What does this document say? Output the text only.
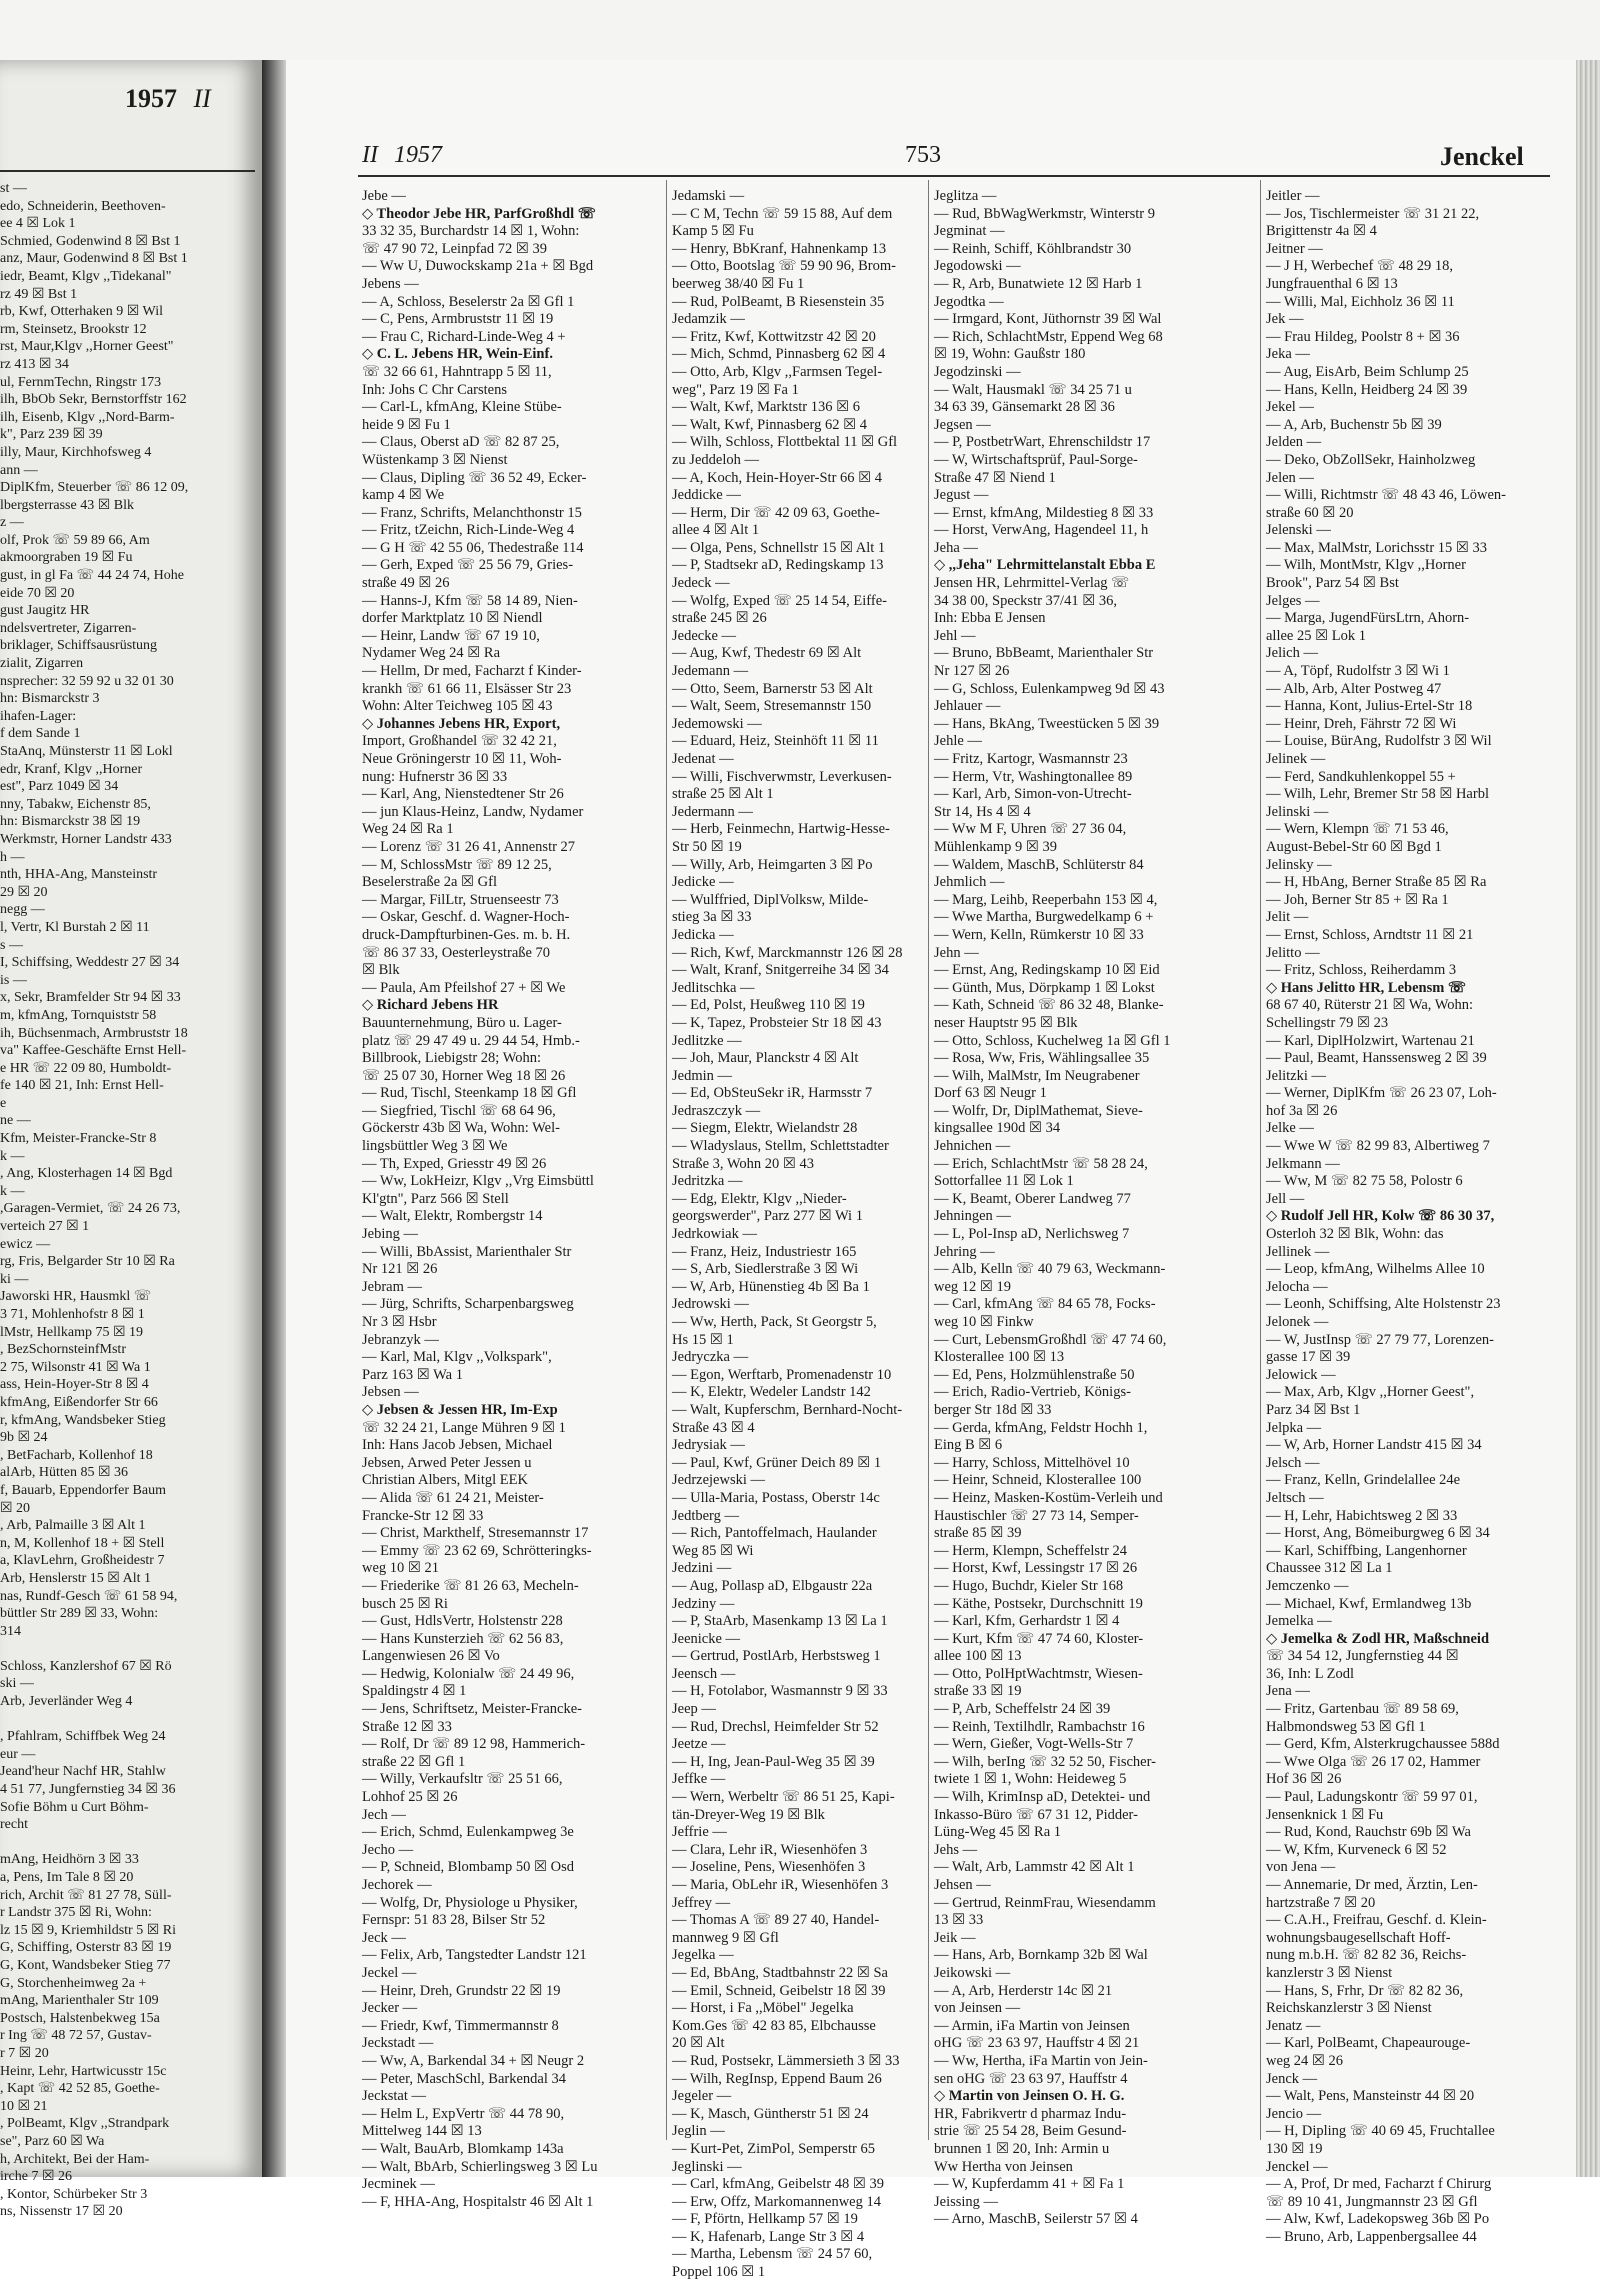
1957 II
st —
edo, Schneiderin, Beethoven-
ee 4 ☒ Lok 1
Schmied, Godenwind 8 ☒ Bst 1
anz, Maur, Godenwind 8 ☒ Bst 1
iedr, Beamt, Klgv ,,Tidekanal"
rz 49 ☒ Bst 1
rb, Kwf, Otterhaken 9 ☒ Wil
rm, Steinsetz, Brookstr 12
rst, Maur,Klgv ,,Horner Geest"
rz 413 ☒ 34
ul, FernmTechn, Ringstr 173
ilh, BbOb Sekr, Bernstorffstr 162
ilh, Eisenb, Klgv ,,Nord-Barm-
k", Parz 239 ☒ 39
illy, Maur, Kirchhofsweg 4
ann —
DiplKfm, Steuerber ☏ 86 12 09,
lbergsterrasse 43 ☒ Blk
z —
olf, Prok ☏ 59 89 66, Am
akmoorgraben 19 ☒ Fu
gust, in gl Fa ☏ 44 24 74, Hohe
eide 70 ☒ 20
gust Jaugitz HR
ndelsvertreter, Zigarren-
briklager, Schiffsausrüstung
zialit, Zigarren
nsprecher: 32 59 92 u 32 01 30
hn: Bismarckstr 3
ihafen-Lager:
f dem Sande 1
StaAnq, Münsterstr 11 ☒ Lokl
edr, Kranf, Klgv ,,Horner
est", Parz 1049 ☒ 34
nny, Tabakw, Eichenstr 85,
hn: Bismarckstr 38 ☒ 19
Werkmstr, Horner Landstr 433
h —
nth, HHA-Ang, Mansteinstr
29 ☒ 20
negg —
l, Vertr, Kl Burstah 2 ☒ 11
s —
I, Schiffsing, Weddestr 27 ☒ 34
is —
x, Sekr, Bramfelder Str 94 ☒ 33
m, kfmAng, Tornquiststr 58
ih, Büchsenmach, Armbruststr 18
va" Kaffee-Geschäfte Ernst Hell-
e HR ☏ 22 09 80, Humboldt-
fe 140 ☒ 21, Inh: Ernst Hell-
e
ne —
Kfm, Meister-Francke-Str 8
k —
, Ang, Klosterhagen 14 ☒ Bgd
k —
,Garagen-Vermiet, ☏ 24 26 73,
verteich 27 ☒ 1
ewicz —
rg, Fris, Belgarder Str 10 ☒ Ra
ki —
Jaworski HR, Hausmkl ☏
3 71, Mohlenhofstr 8 ☒ 1
lMstr, Hellkamp 75 ☒ 19
, BezSchornsteinfMstr
2 75, Wilsonstr 41 ☒ Wa 1
ass, Hein-Hoyer-Str 8 ☒ 4
kfmAng, Eißendorfer Str 66
r, kfmAng, Wandsbeker Stieg
9b ☒ 24
, BetFacharb, Kollenhof 18
alArb, Hütten 85 ☒ 36
f, Bauarb, Eppendorfer Baum
☒ 20
, Arb, Palmaille 3 ☒ Alt 1
n, M, Kollenhof 18 + ☒ Stell
a, KlavLehrn, Großheidestr 7
Arb, Henslerstr 15 ☒ Alt 1
nas, Rundf-Gesch ☏ 61 58 94,
büttler Str 289 ☒ 33, Wohn:
314

Schloss, Kanzlershof 67 ☒ Rö
ski —
Arb, Jeverländer Weg 4

, Pfahlram, Schiffbek Weg 24
eur —
Jeand'heur Nachf HR, Stahlw
4 51 77, Jungfernstieg 34 ☒ 36
Sofie Böhm u Curt Böhm-
recht

mAng, Heidhörn 3 ☒ 33
a, Pens, Im Tale 8 ☒ 20
rich, Archit ☏ 81 27 78, Süll-
r Landstr 375 ☒ Ri, Wohn:
lz 15 ☒ 9, Kriemhildstr 5 ☒ Ri
G, Schiffing, Osterstr 83 ☒ 19
G, Kont, Wandsbeker Stieg 77
G, Storchenheimweg 2a +
mAng, Marienthaler Str 109
Postsch, Halstenbekweg 15a
r Ing ☏ 48 72 57, Gustav-
r 7 ☒ 20
Heinr, Lehr, Hartwicusstr 15c
, Kapt ☏ 42 52 85, Goethe-
10 ☒ 21
, PolBeamt, Klgv ,,Strandpark
se", Parz 60 ☒ Wa
h, Architekt, Bei der Ham-
irche 7 ☒ 26
, Kontor, Schürbeker Str 3
ns, Nissenstr 17 ☒ 20
II 1957	753	Jenckel
Jebe —
◇ Theodor Jebe HR, ParfGroßhdl ☏
33 32 35, Burchardstr 14 ☒ 1, Wohn:
☏ 47 90 72, Leinpfad 72 ☒ 39
— Ww U, Duwockskamp 21a + ☒ Bgd
Jebens —
— A, Schloss, Beselerstr 2a ☒ Gfl 1
— C, Pens, Armbruststr 11 ☒ 19
— Frau C, Richard-Linde-Weg 4 +
◇ C. L. Jebens HR, Wein-Einf.
☏ 32 66 61, Hahntrapp 5 ☒ 11,
Inh: Johs C Chr Carstens
— Carl-L, kfmAng, Kleine Stübe-
heide 9 ☒ Fu 1
— Claus, Oberst aD ☏ 82 87 25,
Wüstenkamp 3 ☒ Nienst
— Claus, Dipling ☏ 36 52 49, Ecker-
kamp 4 ☒ We
— Franz, Schrifts, Melanchthonstr 15
— Fritz, tZeichn, Rich-Linde-Weg 4
— G H ☏ 42 55 06, Thedestraße 114
— Gerh, Exped ☏ 25 56 79, Gries-
straße 49 ☒ 26
— Hanns-J, Kfm ☏ 58 14 89, Nien-
dorfer Marktplatz 10 ☒ Niendl
— Heinr, Landw ☏ 67 19 10,
Nydamer Weg 24 ☒ Ra
— Hellm, Dr med, Facharzt f Kinder-
krankh ☏ 61 66 11, Elsässer Str 23
Wohn: Alter Teichweg 105 ☒ 43
◇ Johannes Jebens HR, Export,
Import, Großhandel ☏ 32 42 21,
Neue Gröningerstr 10 ☒ 11, Woh-
nung: Hufnerstr 36 ☒ 33
— Karl, Ang, Nienstedtener Str 26
— jun Klaus-Heinz, Landw, Nydamer
Weg 24 ☒ Ra 1
— Lorenz ☏ 31 26 41, Annenstr 27
— M, SchlossMstr ☏ 89 12 25,
Beselerstraße 2a ☒ Gfl
— Margar, FilLtr, Struenseestr 73
— Oskar, Geschf. d. Wagner-Hoch-
druck-Dampfturbinen-Ges. m. b. H.
☏ 86 37 33, Oesterleystraße 70
☒ Blk
— Paula, Am Pfeilshof 27 + ☒ We
◇ Richard Jebens HR
Bauunternehmung, Büro u. Lager-
platz ☏ 29 47 49 u. 29 44 54, Hmb.-
Billbrook, Liebigstr 28; Wohn:
☏ 25 07 30, Horner Weg 18 ☒ 26
— Rud, Tischl, Steenkamp 18 ☒ Gfl
— Siegfried, Tischl ☏ 68 64 96,
Göckerstr 43b ☒ Wa, Wohn: Wel-
lingsbüttler Weg 3 ☒ We
— Th, Exped, Griesstr 49 ☒ 26
— Ww, LokHeizr, Klgv ,,Vrg Eimsbüttl
Kl'gtn", Parz 566 ☒ Stell
— Walt, Elektr, Rombergstr 14
Jebing —
— Willi, BbAssist, Marienthaler Str
Nr 121 ☒ 26
Jebram —
— Jürg, Schrifts, Scharpenbargsweg
Nr 3 ☒ Hsbr
Jebranzyk —
— Karl, Mal, Klgv ,,Volkspark",
Parz 163 ☒ Wa 1
Jebsen —
◇ Jebsen & Jessen HR, Im-Exp
☏ 32 24 21, Lange Mühren 9 ☒ 1
Inh: Hans Jacob Jebsen, Michael
Jebsen, Arwed Peter Jessen u
Christian Albers, Mitgl EEK
— Alida ☏ 61 24 21, Meister-
Francke-Str 12 ☒ 33
— Christ, Markthelf, Stresemannstr 17
— Emmy ☏ 23 62 69, Schrötteringks-
weg 10 ☒ 21
— Friederike ☏ 81 26 63, Mecheln-
busch 25 ☒ Ri
— Gust, HdlsVertr, Holstenstr 228
— Hans Kunsterzieh ☏ 62 56 83,
Langenwiesen 26 ☒ Vo
— Hedwig, Kolonialw ☏ 24 49 96,
Spaldingstr 4 ☒ 1
— Jens, Schriftsetz, Meister-Francke-
Straße 12 ☒ 33
— Rolf, Dr ☏ 89 12 98, Hammerich-
straße 22 ☒ Gfl 1
— Willy, Verkaufsltr ☏ 25 51 66,
Lohhof 25 ☒ 26
Jech —
— Erich, Schmd, Eulenkampweg 3e
Jecho —
— P, Schneid, Blombamp 50 ☒ Osd
Jechorek —
— Wolfg, Dr, Physiologe u Physiker,
Fernspr: 51 83 28, Bilser Str 52
Jeck —
— Felix, Arb, Tangstedter Landstr 121
Jeckel —
— Heinr, Dreh, Grundstr 22 ☒ 19
Jecker —
— Friedr, Kwf, Timmermannstr 8
Jeckstadt —
— Ww, A, Barkendal 34 + ☒ Neugr 2
— Peter, MaschSchl, Barkendal 34
Jeckstat —
— Helm L, ExpVertr ☏ 44 78 90,
Mittelweg 144 ☒ 13
— Walt, BauArb, Blomkamp 143a
— Walt, BbArb, Schierlingsweg 3 ☒ Lu
Jecminek —
— F, HHA-Ang, Hospitalstr 46 ☒ Alt 1
Jedamski —
— C M, Techn ☏ 59 15 88, Auf dem
Kamp 5 ☒ Fu
— Henry, BbKranf, Hahnenkamp 13
— Otto, Bootslag ☏ 59 90 96, Brom-
beerweg 38/40 ☒ Fu 1
— Rud, PolBeamt, B Riesenstein 35
Jedamzik —
— Fritz, Kwf, Kottwitzstr 42 ☒ 20
— Mich, Schmd, Pinnasberg 62 ☒ 4
— Otto, Arb, Klgv ,,Farmsen Tegel-
weg", Parz 19 ☒ Fa 1
— Walt, Kwf, Marktstr 136 ☒ 6
— Walt, Kwf, Pinnasberg 62 ☒ 4
— Wilh, Schloss, Flottbektal 11 ☒ Gfl
zu Jeddeloh —
— A, Koch, Hein-Hoyer-Str 66 ☒ 4
Jeddicke —
— Herm, Dir ☏ 42 09 63, Goethe-
allee 4 ☒ Alt 1
— Olga, Pens, Schnellstr 15 ☒ Alt 1
— P, Stadtsekr aD, Redingskamp 13
Jedeck —
— Wolfg, Exped ☏ 25 14 54, Eiffe-
straße 245 ☒ 26
Jedecke —
— Aug, Kwf, Thedestr 69 ☒ Alt
Jedemann —
— Otto, Seem, Barnerstr 53 ☒ Alt
— Walt, Seem, Stresemannstr 150
Jedemowski —
— Eduard, Heiz, Steinhöft 11 ☒ 11
Jedenat —
— Willi, Fischverwmstr, Leverkusen-
straße 25 ☒ Alt 1
Jedermann —
— Herb, Feinmechn, Hartwig-Hesse-
Str 50 ☒ 19
— Willy, Arb, Heimgarten 3 ☒ Po
Jedicke —
— Wulffried, DiplVolksw, Milde-
stieg 3a ☒ 33
Jedicka —
— Rich, Kwf, Marckmannstr 126 ☒ 28
— Walt, Kranf, Snitgerreihe 34 ☒ 34
Jedlitschka —
— Ed, Polst, Heußweg 110 ☒ 19
— K, Tapez, Probsteier Str 18 ☒ 43
Jedlitzke —
— Joh, Maur, Planckstr 4 ☒ Alt
Jedmin —
— Ed, ObSteuSekr iR, Harmsstr 7
Jedraszczyk —
— Siegm, Elektr, Wielandstr 28
— Wladyslaus, Stellm, Schlettstadter
Straße 3, Wohn 20 ☒ 43
Jedritzka —
— Edg, Elektr, Klgv ,,Nieder-
georgswerder", Parz 277 ☒ Wi 1
Jedrkowiak —
— Franz, Heiz, Industriestr 165
— S, Arb, Siedlerstraße 3 ☒ Wi
— W, Arb, Hünenstieg 4b ☒ Ba 1
Jedrowski —
— Ww, Herth, Pack, St Georgstr 5,
Hs 15 ☒ 1
Jedryczka —
— Egon, Werftarb, Promenadenstr 10
— K, Elektr, Wedeler Landstr 142
— Walt, Kupferschm, Bernhard-Nocht-
Straße 43 ☒ 4
Jedrysiak —
— Paul, Kwf, Grüner Deich 89 ☒ 1
Jedrzejewski —
— Ulla-Maria, Postass, Oberstr 14c
Jedtberg —
— Rich, Pantoffelmach, Haulander
Weg 85 ☒ Wi
Jedzini —
— Aug, Pollasp aD, Elbgaustr 22a
Jedziny —
— P, StaArb, Masenkamp 13 ☒ La 1
Jeenicke —
— Gertrud, PostlArb, Herbstsweg 1
Jeensch —
— H, Fotolabor, Wasmannstr 9 ☒ 33
Jeep —
— Rud, Drechsl, Heimfelder Str 52
Jeetze —
— H, Ing, Jean-Paul-Weg 35 ☒ 39
Jeffke —
— Wern, Werbeltr ☏ 86 51 25, Kapi-
tän-Dreyer-Weg 19 ☒ Blk
Jeffrie —
— Clara, Lehr iR, Wiesenhöfen 3
— Joseline, Pens, Wiesenhöfen 3
— Maria, ObLehr iR, Wiesenhöfen 3
Jeffrey —
— Thomas A ☏ 89 27 40, Handel-
mannweg 9 ☒ Gfl
Jegelka —
— Ed, BbAng, Stadtbahnstr 22 ☒ Sa
— Emil, Schneid, Geibelstr 18 ☒ 39
— Horst, i Fa ,,Möbel" Jegelka
Kom.Ges ☏ 42 83 85, Elbchausse
20 ☒ Alt
— Rud, Postsekr, Lämmersieth 3 ☒ 33
— Wilh, RegInsp, Eppend Baum 26
Jegeler —
— K, Masch, Güntherstr 51 ☒ 24
Jeglin —
— Kurt-Pet, ZimPol, Semperstr 65
Jeglinski —
— Carl, kfmAng, Geibelstr 48 ☒ 39
— Erw, Offz, Markomannenweg 14
— F, Pförtn, Hellkamp 57 ☒ 19
— K, Hafenarb, Lange Str 3 ☒ 4
— Martha, Lebensm ☏ 24 57 60,
Poppel 106 ☒ 1
Jeglitza —
— Rud, BbWagWerkmstr, Winterstr 9
Jegminat —
— Reinh, Schiff, Köhlbrandstr 30
Jegodowski —
— R, Arb, Bunatwiete 12 ☒ Harb 1
Jegodtka —
— Irmgard, Kont, Jüthornstr 39 ☒ Wal
— Rich, SchlachtMstr, Eppend Weg 68
☒ 19, Wohn: Gaußstr 180
Jegodzinski —
— Walt, Hausmakl ☏ 34 25 71 u
34 63 39, Gänsemarkt 28 ☒ 36
Jegsen —
— P, PostbetrWart, Ehrenschildstr 17
— W, Wirtschaftsprüf, Paul-Sorge-
Straße 47 ☒ Niend 1
Jegust —
— Ernst, kfmAng, Mildestieg 8 ☒ 33
— Horst, VerwAng, Hagendeel 11, h
Jeha —
◇ ,,Jeha" Lehrmittelanstalt Ebba E
Jensen HR, Lehrmittel-Verlag ☏
34 38 00, Speckstr 37/41 ☒ 36,
Inh: Ebba E Jensen
Jehl —
— Bruno, BbBeamt, Marienthaler Str
Nr 127 ☒ 26
— G, Schloss, Eulenkampweg 9d ☒ 43
Jehlauer —
— Hans, BkAng, Tweestücken 5 ☒ 39
Jehle —
— Fritz, Kartogr, Wasmannstr 23
— Herm, Vtr, Washingtonallee 89
— Karl, Arb, Simon-von-Utrecht-
Str 14, Hs 4 ☒ 4
— Ww M F, Uhren ☏ 27 36 04,
Mühlenkamp 9 ☒ 39
— Waldem, MaschB, Schlüterstr 84
Jehmlich —
— Marg, Leihb, Reeperbahn 153 ☒ 4,
— Wwe Martha, Burgwedelkamp 6 +
— Wern, Kelln, Rümkerstr 10 ☒ 33
Jehn —
— Ernst, Ang, Redingskamp 10 ☒ Eid
— Günth, Mus, Dörpkamp 1 ☒ Lokst
— Kath, Schneid ☏ 86 32 48, Blanke-
neser Hauptstr 95 ☒ Blk
— Otto, Schloss, Kuchelweg 1a ☒ Gfl 1
— Rosa, Ww, Fris, Wählingsallee 35
— Wilh, MalMstr, Im Neugrabener
Dorf 63 ☒ Neugr 1
— Wolfr, Dr, DiplMathemat, Sieve-
kingsallee 190d ☒ 34
Jehnichen —
— Erich, SchlachtMstr ☏ 58 28 24,
Sottorfallee 11 ☒ Lok 1
— K, Beamt, Oberer Landweg 77
Jehningen —
— L, Pol-Insp aD, Nerlichsweg 7
Jehring —
— Alb, Kelln ☏ 40 79 63, Weckmann-
weg 12 ☒ 19
— Carl, kfmAng ☏ 84 65 78, Focks-
weg 10 ☒ Finkw
— Curt, LebensmGroßhdl ☏ 47 74 60,
Klosterallee 100 ☒ 13
— Ed, Pens, Holzmühlenstraße 50
— Erich, Radio-Vertrieb, Königs-
berger Str 18d ☒ 33
— Gerda, kfmAng, Feldstr Hochh 1,
Eing B ☒ 6
— Harry, Schloss, Mittelhövel 10
— Heinr, Schneid, Klosterallee 100
— Heinz, Masken-Kostüm-Verleih und
Haustischler ☏ 27 73 14, Semper-
straße 85 ☒ 39
— Herm, Klempn, Scheffelstr 24
— Horst, Kwf, Lessingstr 17 ☒ 26
— Hugo, Buchdr, Kieler Str 168
— Käthe, Postsekr, Durchschnitt 19
— Karl, Kfm, Gerhardstr 1 ☒ 4
— Kurt, Kfm ☏ 47 74 60, Kloster-
allee 100 ☒ 13
— Otto, PolHptWachtmstr, Wiesen-
straße 33 ☒ 19
— P, Arb, Scheffelstr 24 ☒ 39
— Reinh, Textilhdlr, Rambachstr 16
— Wern, Gießer, Vogt-Wells-Str 7
— Wilh, berIng ☏ 32 52 50, Fischer-
twiete 1 ☒ 1, Wohn: Heideweg 5
— Wilh, KrimInsp aD, Detektei- und
Inkasso-Büro ☏ 67 31 12, Pidder-
Lüng-Weg 45 ☒ Ra 1
Jehs —
— Walt, Arb, Lammstr 42 ☒ Alt 1
Jehsen —
— Gertrud, ReinmFrau, Wiesendamm
13 ☒ 33
Jeik —
— Hans, Arb, Bornkamp 32b ☒ Wal
Jeikowski —
— A, Arb, Herderstr 14c ☒ 21
von Jeinsen —
— Armin, iFa Martin von Jeinsen
oHG ☏ 23 63 97, Hauffstr 4 ☒ 21
— Ww, Hertha, iFa Martin von Jein-
sen oHG ☏ 23 63 97, Hauffstr 4
◇ Martin von Jeinsen O. H. G.
HR, Fabrikvertr d pharmaz Indu-
strie ☏ 25 54 28, Beim Gesund-
brunnen 1 ☒ 20, Inh: Armin u
Ww Hertha von Jeinsen
— W, Kupferdamm 41 + ☒ Fa 1
Jeissing —
— Arno, MaschB, Seilerstr 57 ☒ 4
Jeitler —
— Jos, Tischlermeister ☏ 31 21 22,
Brigittenstr 4a ☒ 4
Jeitner —
— J H, Werbechef ☏ 48 29 18,
Jungfrauenthal 6 ☒ 13
— Willi, Mal, Eichholz 36 ☒ 11
Jek —
— Frau Hildeg, Poolstr 8 + ☒ 36
Jeka —
— Aug, EisArb, Beim Schlump 25
— Hans, Kelln, Heidberg 24 ☒ 39
Jekel —
— A, Arb, Buchenstr 5b ☒ 39
Jelden —
— Deko, ObZollSekr, Hainholzweg
Jelen —
— Willi, Richtmstr ☏ 48 43 46, Löwen-
straße 60 ☒ 20
Jelenski —
— Max, MalMstr, Lorichsstr 15 ☒ 33
— Wilh, MontMstr, Klgv ,,Horner
Brook", Parz 54 ☒ Bst
Jelges —
— Marga, JugendFürsLtrn, Ahorn-
allee 25 ☒ Lok 1
Jelich —
— A, Töpf, Rudolfstr 3 ☒ Wi 1
— Alb, Arb, Alter Postweg 47
— Hanna, Kont, Julius-Ertel-Str 18
— Heinr, Dreh, Fährstr 72 ☒ Wi
— Louise, BürAng, Rudolfstr 3 ☒ Wil
Jelinek —
— Ferd, Sandkuhlenkoppel 55 +
— Wilh, Lehr, Bremer Str 58 ☒ Harbl
Jelinski —
— Wern, Klempn ☏ 71 53 46,
August-Bebel-Str 60 ☒ Bgd 1
Jelinsky —
— H, HbAng, Berner Straße 85 ☒ Ra
— Joh, Berner Str 85 + ☒ Ra 1
Jelit —
— Ernst, Schloss, Arndtstr 11 ☒ 21
Jelitto —
— Fritz, Schloss, Reiherdamm 3
◇ Hans Jelitto HR, Lebensm ☏
68 67 40, Rüterstr 21 ☒ Wa, Wohn:
Schellingstr 79 ☒ 23
— Karl, DiplHolzwirt, Wartenau 21
— Paul, Beamt, Hanssensweg 2 ☒ 39
Jelitzki —
— Werner, DiplKfm ☏ 26 23 07, Loh-
hof 3a ☒ 26
Jelke —
— Wwe W ☏ 82 99 83, Albertiweg 7
Jelkmann —
— Ww, M ☏ 82 75 58, Polostr 6
Jell —
◇ Rudolf Jell HR, Kolw ☏ 86 30 37,
Osterloh 32 ☒ Blk, Wohn: das
Jellinek —
— Leop, kfmAng, Wilhelms Allee 10
Jelocha —
— Leonh, Schiffsing, Alte Holstenstr 23
Jelonek —
— W, JustInsp ☏ 27 79 77, Lorenzen-
gasse 17 ☒ 39
Jelowick —
— Max, Arb, Klgv ,,Horner Geest",
Parz 34 ☒ Bst 1
Jelpka —
— W, Arb, Horner Landstr 415 ☒ 34
Jelsch —
— Franz, Kelln, Grindelallee 24e
Jeltsch —
— H, Lehr, Habichtsweg 2 ☒ 33
— Horst, Ang, Bömeiburgweg 6 ☒ 34
— Karl, Schiffbing, Langenhorner
Chaussee 312 ☒ La 1
Jemczenko —
— Michael, Kwf, Ermlandweg 13b
Jemelka —
◇ Jemelka & Zodl HR, Maßschneid
☏ 34 54 12, Jungfernstieg 44 ☒
36, Inh: L Zodl
Jena —
— Fritz, Gartenbau ☏ 89 58 69,
Halbmondsweg 53 ☒ Gfl 1
— Gerd, Kfm, Alsterkrugchaussee 588d
— Wwe Olga ☏ 26 17 02, Hammer
Hof 36 ☒ 26
— Paul, Ladungskontr ☏ 59 97 01,
Jensenknick 1 ☒ Fu
— Rud, Kond, Rauchstr 69b ☒ Wa
— W, Kfm, Kurveneck 6 ☒ 52
von Jena —
— Annemarie, Dr med, Ärztin, Len-
hartzstraße 7 ☒ 20
— C.A.H., Freifrau, Geschf. d. Klein-
wohnungsbaugesellschaft Hoff-
nung m.b.H. ☏ 82 82 36, Reichs-
kanzlerstr 3 ☒ Nienst
— Hans, S, Frhr, Dr ☏ 82 82 36,
Reichskanzlerstr 3 ☒ Nienst
Jenatz —
— Karl, PolBeamt, Chapeaurouge-
weg 24 ☒ 26
Jenck —
— Walt, Pens, Mansteinstr 44 ☒ 20
Jencio —
— H, Dipling ☏ 40 69 45, Fruchtallee
130 ☒ 19
Jenckel —
— A, Prof, Dr med, Facharzt f Chirurg
☏ 89 10 41, Jungmannstr 23 ☒ Gfl
— Alw, Kwf, Ladekopsweg 36b ☒ Po
— Bruno, Arb, Lappenbergsallee 44
